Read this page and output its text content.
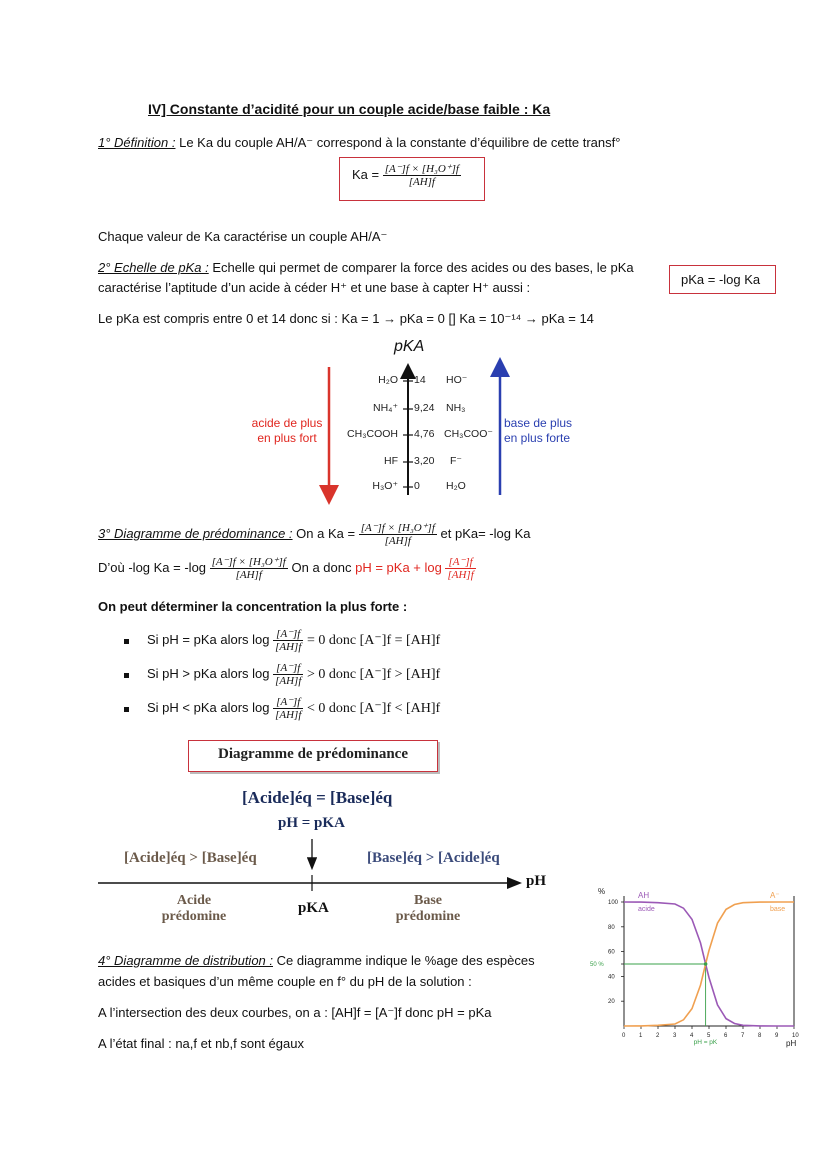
IV] Constante d’acidité pour un couple acide/base faible : Ka
1° Définition : Le Ka du couple AH/A⁻ correspond à la constante d’équilibre de cette transf°
$Ka = \frac{\text{[A⁻]f × [H₃O⁺]f}}{[AH]f}$
Chaque valeur de Ka caractérise un couple AH/A⁻
2° Echelle de pKa : Echelle qui permet de comparer la force des acides ou des bases, le pKa
caractérise l’aptitude d’un acide à céder H⁺ et une base à capter H⁺ aussi :
pKa = -log Ka
Le pKa est compris entre 0 et 14 donc si : Ka = 1 → pKa = 0 [] Ka = 10⁻¹⁴ → pKa = 14
pKA
acide de plus
en plus fort
base de plus
en plus forte
H₂O 14 HO⁻
NH₄⁺ 9,24 NH₃
CH₃COOH 4,76 CH₃COO⁻
HF 3,20 F⁻
H₃O⁺ 0 H₂O
3° Diagramme de prédominance : On a $Ka = \frac{\text{[A⁻]f × [H₃O⁺]f}}{[AH]f}$ et pKa= -log Ka
D’où -log $Ka = -\log \frac{\text{[A⁻]f × [H₃O⁺]f}}{[AH]f}$ On a donc pH = pKa + $\log \frac{[A^-]f}{[AH]f}$
On peut déterminer la concentration la plus forte :
Si pH = pKa alors $\log \frac{[A^-]f}{[AH]f} = 0$ donc [A⁻]f = [AH]f
Si pH > pKa alors $\log \frac{[A^-]f}{[AH]f} > 0$ donc [A⁻]f > [AH]f
Si pH < pKa alors $\log \frac{[A^-]f}{[AH]f} < 0$ donc [A⁻]f < [AH]f
Diagramme de prédominance
[Acide]éq = [Base]éq
pH = pKA
[Acide]éq > [Base]éq	[Base]éq > [Acide]éq
pH
pKA
Acide
prédomine
Base
prédomine
4° Diagramme de distribution : Ce diagramme indique le %age des espèces
acides et basiques d’un même couple en f° du pH de la solution :
A l’intersection des deux courbes, on a : [AH]f = [A⁻]f donc pH = pKa
A l’état final : na,f et nb,f sont égaux
%
pH
0 1 2 3 4 5 6 7 8 9 10
20
40
50 %
60
80
100
pH = pK
AH
acide
A⁻
base
